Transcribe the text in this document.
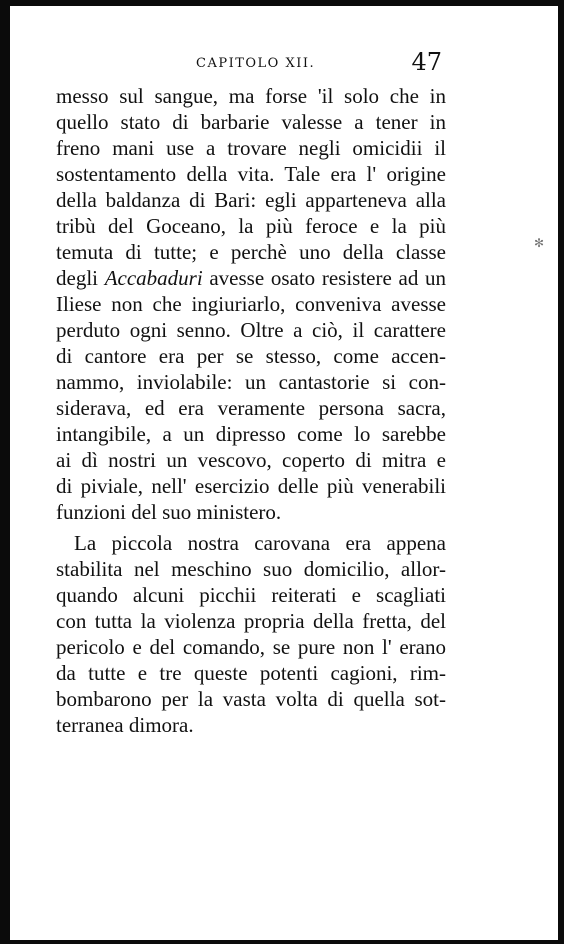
CAPITOLO XII.	47
messo sul sangue, ma forse 'il solo che in
quello stato di barbarie valesse a tener in
freno mani use a trovare negli omicidii il
sostentamento della vita. Tale era l' origine
della baldanza di Bari: egli apparteneva alla
tribù del Goceano, la più feroce e la più
temuta di tutte; e perchè uno della classe
degli Accabaduri avesse osato resistere ad un
Iliese non che ingiuriarlo, conveniva avesse
perduto ogni senno. Oltre a ciò, il carattere
di cantore era per se stesso, come accen-
nammo, inviolabile: un cantastorie si con-
siderava, ed era veramente persona sacra,
intangibile, a un dipresso come lo sarebbe
ai dì nostri un vescovo, coperto di mitra e
di piviale, nell' esercizio delle più venerabili
funzioni del suo ministero.
La piccola nostra carovana era appena
stabilita nel meschino suo domicilio, allor-
quando alcuni picchii reiterati e scagliati
con tutta la violenza propria della fretta, del
pericolo e del comando, se pure non l' erano
da tutte e tre queste potenti cagioni, rim-
bombarono per la vasta volta di quella sot-
terranea dimora.
✻
